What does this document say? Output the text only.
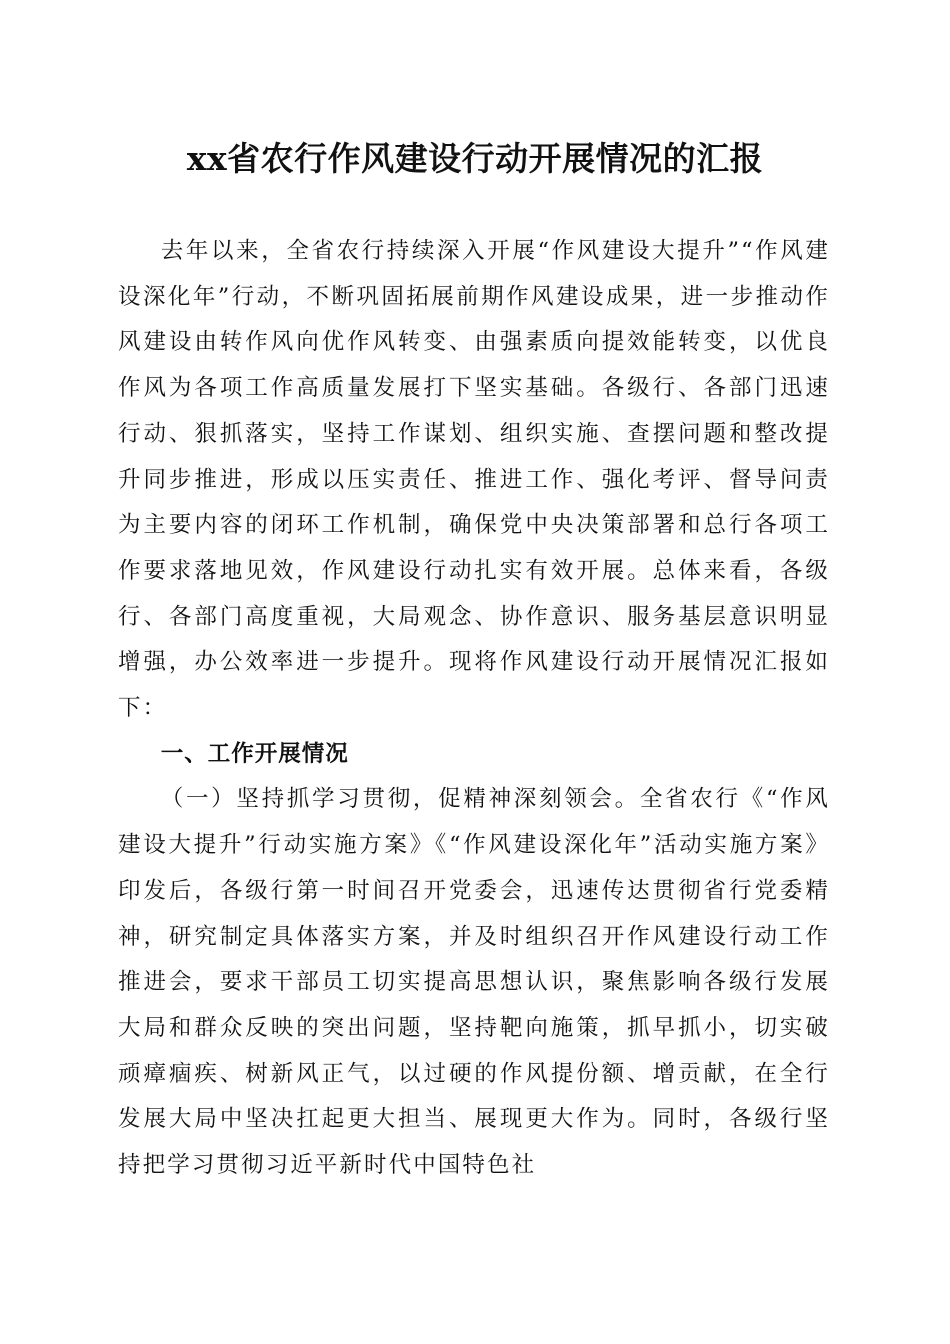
xx省农行作风建设行动开展情况的汇报

去年以来，全省农行持续深入开展“作风建设大提升”“作风建设深化年”行动，不断巩固拓展前期作风建设成果，进一步推动作风建设由转作风向优作风转变、由强素质向提效能转变，以优良作风为各项工作高质量发展打下坚实基础。各级行、各部门迅速行动、狠抓落实，坚持工作谋划、组织实施、查摆问题和整改提升同步推进，形成以压实责任、推进工作、强化考评、督导问责为主要内容的闭环工作机制，确保党中央决策部署和总行各项工作要求落地见效，作风建设行动扎实有效开展。总体来看，各级行、各部门高度重视，大局观念、协作意识、服务基层意识明显增强，办公效率进一步提升。现将作风建设行动开展情况汇报如下：

一、工作开展情况

（一）坚持抓学习贯彻，促精神深刻领会。全省农行《“作风建设大提升”行动实施方案》《“作风建设深化年”活动实施方案》印发后，各级行第一时间召开党委会，迅速传达贯彻省行党委精神，研究制定具体落实方案，并及时组织召开作风建设行动工作推进会，要求干部员工切实提高思想认识，聚焦影响各级行发展大局和群众反映的突出问题，坚持靶向施策，抓早抓小，切实破顽瘴痼疾、树新风正气，以过硬的作风提份额、增贡献，在全行发展大局中坚决扛起更大担当、展现更大作为。同时，各级行坚持把学习贯彻习近平新时代中国特色社
